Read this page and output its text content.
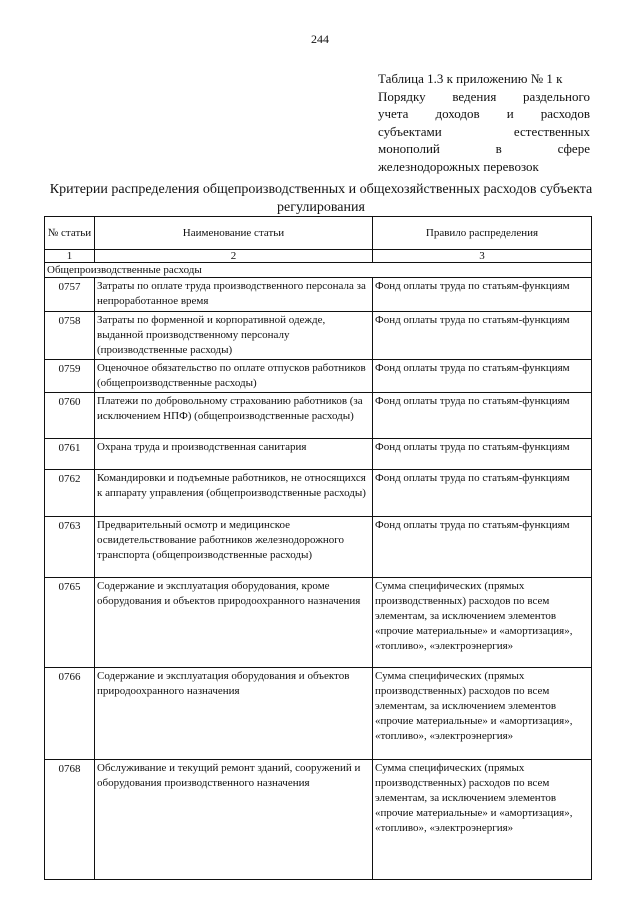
244
Таблица 1.3 к приложению № 1 к
Порядку ведения раздельного
учета доходов и расходов
субъектами	естественных
монополий	в	сфере
железнодорожных перевозок
Критерии распределения общепроизводственных и общехозяйственных расходов субъекта регулирования
№ статьи	Наименование статьи	Правило распределения
1	2	3
Общепроизводственные расходы		
0757	Затраты по оплате труда производственного персонала за непроработанное время	Фонд оплаты труда по статьям-функциям
0758	Затраты по форменной и корпоративной одежде, выданной производственному персоналу (производственные расходы)	Фонд оплаты труда по статьям-функциям
0759	Оценочное обязательство по оплате отпусков работников (общепроизводственные расходы)	Фонд оплаты труда по статьям-функциям
0760	Платежи по добровольному страхованию работников (за исключением НПФ) (общепроизводственные расходы)	Фонд оплаты труда по статьям-функциям
0761	Охрана труда и производственная санитария	Фонд оплаты труда по статьям-функциям
0762	Командировки и подъемные работников, не относящихся к аппарату управления (общепроизводственные расходы)	Фонд оплаты труда по статьям-функциям
0763	Предварительный осмотр и медицинское освидетельствование работников железнодорожного транспорта (общепроизводственные расходы)	Фонд оплаты труда по статьям-функциям
0765	Содержание и эксплуатация оборудования, кроме оборудования и объектов природоохранного назначения	Сумма специфических (прямых производственных) расходов по всем элементам, за исключением элементов «прочие материальные» и «амортизация», «топливо», «электроэнергия»
0766	Содержание и эксплуатация оборудования и объектов природоохранного назначения	Сумма специфических (прямых производственных) расходов по всем элементам, за исключением элементов «прочие материальные» и «амортизация», «топливо», «электроэнергия»
0768	Обслуживание и текущий ремонт зданий, сооружений и оборудования производственного назначения	Сумма специфических (прямых производственных) расходов по всем элементам, за исключением элементов «прочие материальные» и «амортизация», «топливо», «электроэнергия»
